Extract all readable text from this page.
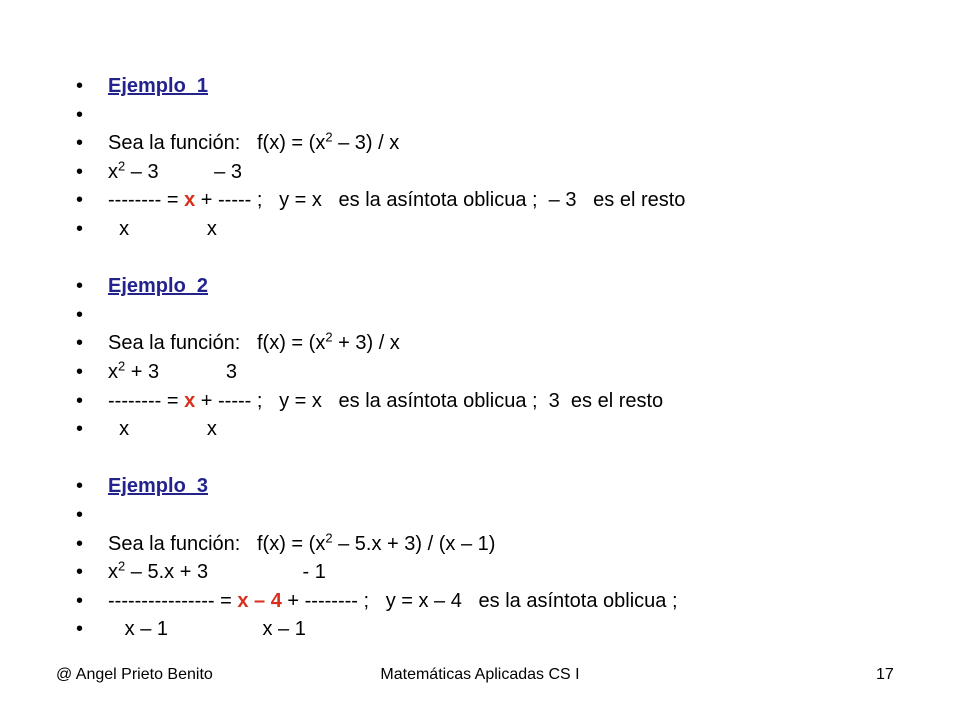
•
Ejemplo  1
•
•
Sea la función:   $f(x) = (x^2 - 3) / x$
•
$x^2 - 3$          – 3
•
-------- = x + ----- ;   y = x   es la asíntota oblicua ;  – 3   es el resto
•
x              x
•
Ejemplo  2
•
•
Sea la función:   $f(x) = (x^2 + 3) / x$
•
$x^2 + 3$            3
•
-------- = x + ----- ;   y = x   es la asíntota oblicua ;  3  es el resto
•
x              x
•
Ejemplo  3
•
•
Sea la función:   $f(x) = (x^2 - 5.x + 3) / (x - 1)$
•
$x^2 - 5.x + 3$                 - 1
•
---------------- = x – 4 + -------- ;   y = x – 4   es la asíntota oblicua ;
•
x – 1                 x – 1
@ Angel Prieto Benito	Matemáticas Aplicadas CS I	17
